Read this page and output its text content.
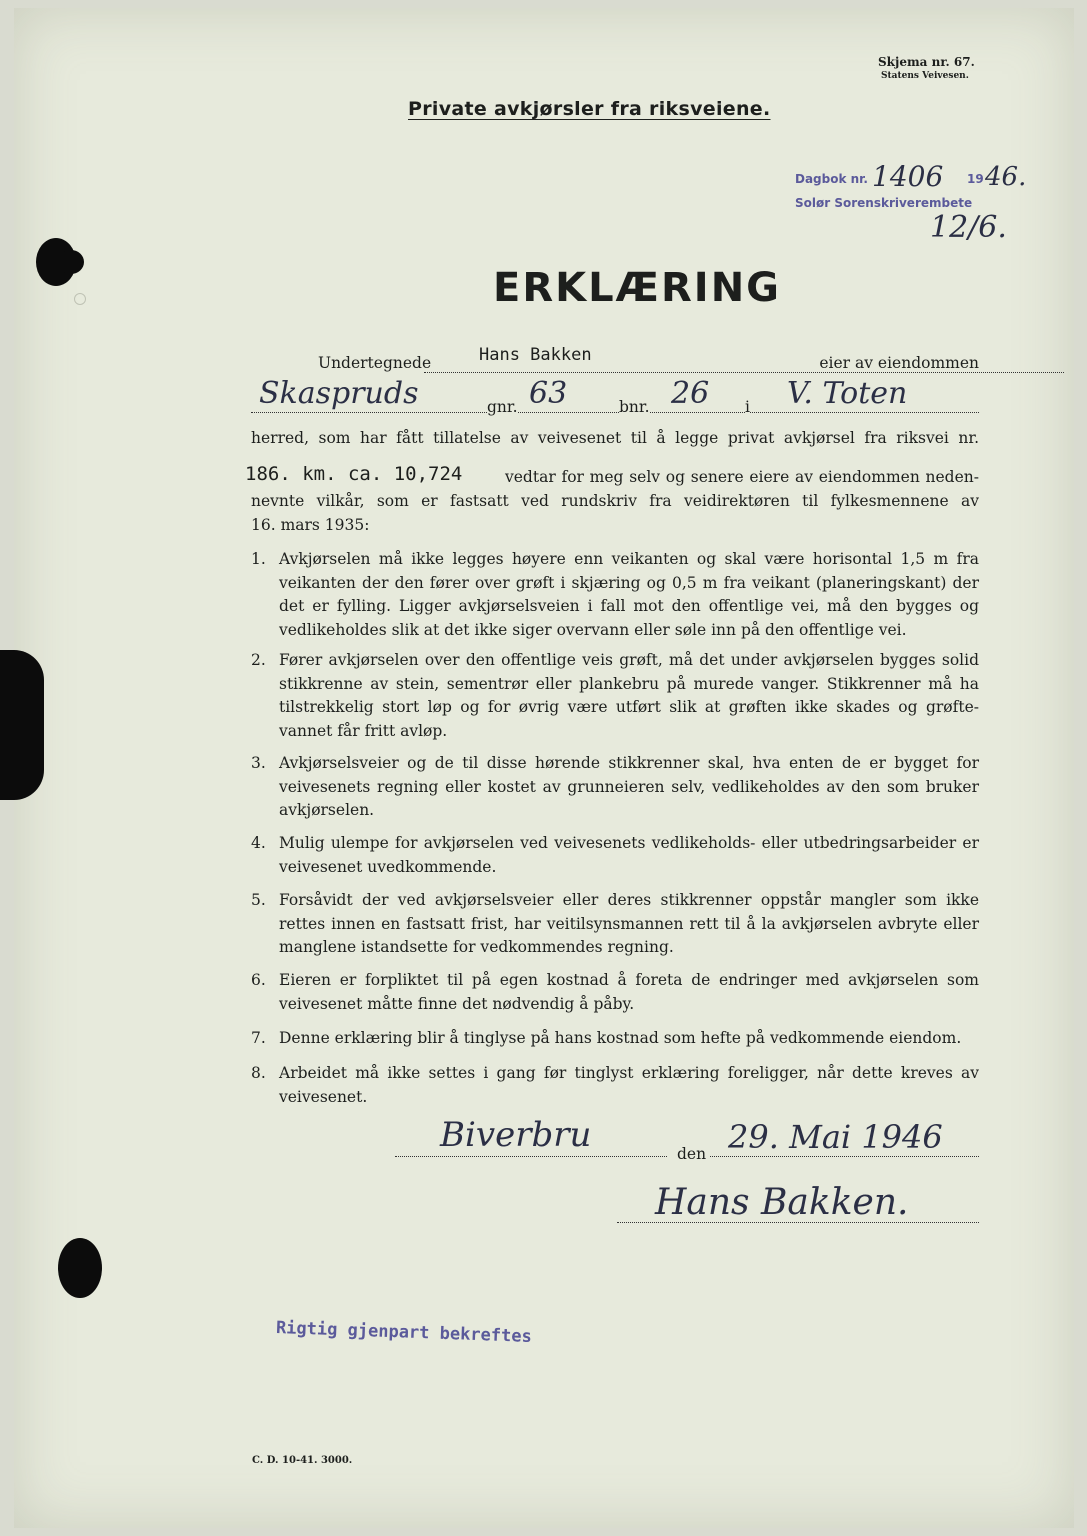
Skjema nr. 67.
Statens Veivesen.
Private avkjørsler fra riksveiene.
Dagbok nr. 1406 19 46.
Solør Sorenskriverembete
12/6.
ERKLÆRING
Undertegnede	Hans Bakken	eier av eiendommen
Skaspruds	gnr. 63	bnr. 26 i V. Toten
herred, som har fått tillatelse av veivesenet til å legge privat avkjørsel fra riksvei nr.
186. km. ca. 10,724	vedtar for meg selv og senere eiere av eiendommen neden-
nevnte vilkår, som er fastsatt ved rundskriv fra veidirektøren til fylkesmennene av
16. mars 1935:
1. Avkjørselen må ikke legges høyere enn veikanten og skal være horisontal 1,5 m fra veikanten der den fører over grøft i skjæring og 0,5 m fra veikant (planeringskant) der det er fylling. Ligger avkjørselsveien i fall mot den offentlige vei, må den bygges og vedlikeholdes slik at det ikke siger overvann eller søle inn på den offentlige vei.
2. Fører avkjørselen over den offentlige veis grøft, må det under avkjørselen bygges solid stikkrenne av stein, sementrør eller plankebru på murede vanger. Stikkrenner må ha tilstrekkelig stort løp og for øvrig være utført slik at grøften ikke skades og grøfte-vannet får fritt avløp.
3. Avkjørselsveier og de til disse hørende stikkrenner skal, hva enten de er bygget for veivesenets regning eller kostet av grunneieren selv, vedlikeholdes av den som bruker avkjørselen.
4. Mulig ulempe for avkjørselen ved veivesenets vedlikeholds- eller utbedringsarbeider er veivesenet uvedkommende.
5. Forsåvidt der ved avkjørselsveier eller deres stikkrenner oppstår mangler som ikke rettes innen en fastsatt frist, har veitilsynsmannen rett til å la avkjørselen avbryte eller manglene istandsette for vedkommendes regning.
6. Eieren er forpliktet til på egen kostnad å foreta de endringer med avkjørselen som veivesenet måtte finne det nødvendig å påby.
7. Denne erklæring blir å tinglyse på hans kostnad som hefte på vedkommende eiendom.
8. Arbeidet må ikke settes i gang før tinglyst erklæring foreligger, når dette kreves av veivesenet.
Biverbru	den 29. Mai 1946
Hans Bakken.
Rigtig gjenpart bekreftes
C. D. 10-41. 3000.
